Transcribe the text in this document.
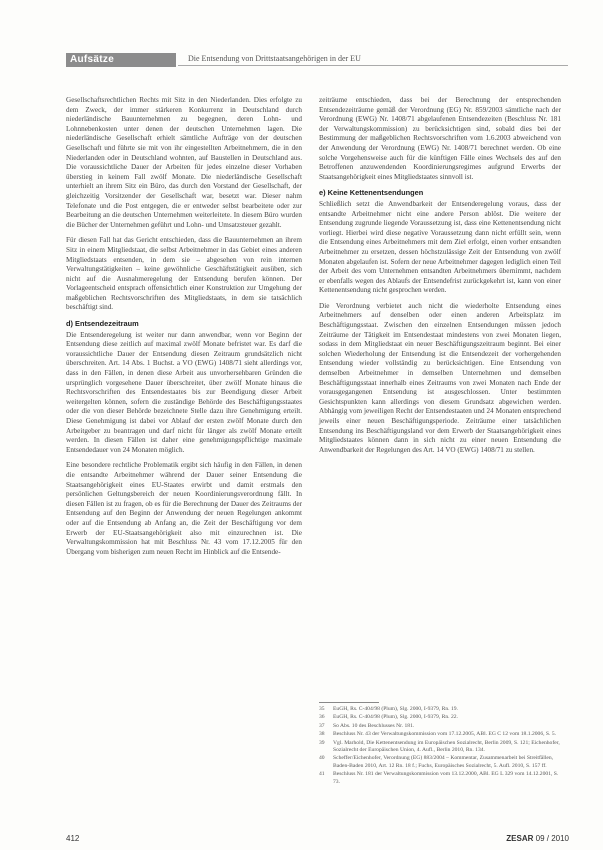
Aufsätze	Die Entsendung von Drittstaatsangehörigen in der EU

Gesellschaftsrechtlichen Rechts mit Sitz in den Niederlanden. Dies erfolgte zu dem Zweck, der immer stärkeren Konkurrenz in Deutschland durch niederländische Bauunternehmen zu begegnen, deren Lohn- und Lohnnebenkosten unter denen der deutschen Unternehmen lagen. Die niederländische Gesellschaft erhielt sämtliche Aufträge von der deutschen Gesellschaft und führte sie mit von ihr eingestellten Arbeitnehmern, die in den Niederlanden oder in Deutschland wohnten, auf Baustellen in Deutschland aus. Die voraussichtliche Dauer der Arbeiten für jedes einzelne dieser Vorhaben überstieg in keinem Fall zwölf Monate. Die niederländische Gesellschaft unterhielt an ihrem Sitz ein Büro, das durch den Vorstand der Gesellschaft, der gleichzeitig Vorsitzender der Gesellschaft war, besetzt war. Dieser nahm Telefonate und die Post entgegen, die er entweder selbst bearbeitete oder zur Bearbeitung an die deutschen Unternehmen weiterleitete. In diesem Büro wurden die Bücher der Unternehmen geführt und Lohn- und Umsatzsteuer gezahlt.

Für diesen Fall hat das Gericht entschieden, dass die Bauunternehmen an ihrem Sitz in einem Mitgliedstaat, die selbst Arbeitnehmer in das Gebiet eines anderen Mitgliedstaats entsenden, in dem sie – abgesehen von rein internen Verwaltungstätigkeiten – keine gewöhnliche Geschäftstätigkeit ausüben, sich nicht auf die Ausnahmeregelung der Entsendung berufen können. Der Vorlageentscheid entsprach offensichtlich einer Konstruktion zur Umgehung der maßgeblichen Rechtsvorschriften des Mitgliedstaats, in dem sie tatsächlich beschäftigt sind.

d) Entsendezeitraum

Die Entsenderegelung ist weiter nur dann anwendbar, wenn vor Beginn der Entsendung diese zeitlich auf maximal zwölf Monate befristet war. Es darf die voraussichtliche Dauer der Entsendung diesen Zeitraum grundsätzlich nicht überschreiten. Art. 14 Abs. 1 Buchst. a VO (EWG) 1408/71 sieht allerdings vor, dass in den Fällen, in denen diese Arbeit aus unvorhersehbaren Gründen die ursprünglich vorgesehene Dauer überschreitet, über zwölf Monate hinaus die Rechtsvorschriften des Entsendestaates bis zur Beendigung dieser Arbeit weitergelten können, sofern die zuständige Behörde des Beschäftigungsstaates oder die von dieser Behörde bezeichnete Stelle dazu ihre Genehmigung erteilt. Diese Genehmigung ist dabei vor Ablauf der ersten zwölf Monate durch den Arbeitgeber zu beantragen und darf nicht für länger als zwölf Monate erteilt werden. In diesen Fällen ist daher eine genehmigungspflichtige maximale Entsendedauer von 24 Monaten möglich.

Eine besondere rechtliche Problematik ergibt sich häufig in den Fällen, in denen die entsandte Arbeitnehmer während der Dauer seiner Entsendung die Staatsangehörigkeit eines EU-Staates erwirbt und damit erstmals den persönlichen Geltungsbereich der neuen Koordinierungsverordnung fällt. In diesen Fällen ist zu fragen, ob es für die Berechnung der Dauer des Zeitraums der Entsendung auf den Beginn der Anwendung der neuen Regelungen ankommt oder auf die Entsendung ab Anfang an, die Zeit der Beschäftigung vor dem Erwerb der EU-Staatsangehörigkeit also mit einzurechnen ist. Die Verwaltungskommission hat mit Beschluss Nr. 43 vom 17.12.2005 für den Übergang vom bisherigen zum neuen Recht im Hinblick auf die Entsende-

zeiträume entschieden, dass bei der Berechnung der entsprechenden Entsendezeiträume gemäß der Verordnung (EG) Nr. 859/2003 sämtliche nach der Verordnung (EWG) Nr. 1408/71 abgelaufenen Entsendezeiten (Beschluss Nr. 181 der Verwaltungskommission) zu berücksichtigen sind, sobald dies bei der Bestimmung der maßgeblichen Rechtsvorschriften vom 1.6.2003 abweichend von der Anwendung der Verordnung (EWG) Nr. 1408/71 berechnet werden. Ob eine solche Vorgehensweise auch für die künftigen Fälle eines Wechsels des auf den Betroffenen anzuwendenden Koordinierungsregimes aufgrund Erwerbs der Staatsangehörigkeit eines Mitgliedstaates sinnvoll ist.

e) Keine Kettenentsendungen

Schließlich setzt die Anwendbarkeit der Entsenderegelung voraus, dass der entsandte Arbeitnehmer nicht eine andere Person ablöst. Die weitere der Entsendung zugrunde liegende Voraussetzung ist, dass eine Kettenentsendung nicht vorliegt. Hierbei wird diese negative Voraussetzung dann nicht erfüllt sein, wenn die Entsendung eines Arbeitnehmers mit dem Ziel erfolgt, einen vorher entsandten Arbeitnehmer zu ersetzen, dessen höchstzulässige Zeit der Entsendung von zwölf Monaten abgelaufen ist. Sofern der neue Arbeitnehmer dagegen lediglich einen Teil der Arbeit des vom Unternehmen entsandten Arbeitnehmers übernimmt, nachdem er ebenfalls wegen des Ablaufs der Entsendefrist zurückgekehrt ist, kann von einer Kettenentsendung nicht gesprochen werden.

Die Verordnung verbietet auch nicht die wiederholte Entsendung eines Arbeitnehmers auf denselben oder einen anderen Arbeitsplatz im Beschäftigungsstaat. Zwischen den einzelnen Entsendungen müssen jedoch Zeiträume der Tätigkeit im Entsendestaat mindestens von zwei Monaten liegen, sodass in dem Mitgliedstaat ein neuer Beschäftigungszeitraum beginnt. Bei einer solchen Wiederholung der Entsendung ist die Entsendezeit der vorhergehenden Entsendung wieder vollständig zu berücksichtigen. Eine Entsendung von demselben Arbeitnehmer in demselben Unternehmen und demselben Beschäftigungsstaat innerhalb eines Zeitraums von zwei Monaten nach Ende der vorausgegangenen Entsendung ist ausgeschlossen. Unter bestimmten Gesichtspunkten kann allerdings von diesem Grundsatz abgewichen werden. Abhängig vom jeweiligen Recht der Entsendestaaten und 24 Monaten entsprechend jeweils einer neuen Beschäftigungsperiode. Zeiträume einer tatsächlichen Entsendung ins Beschäftigungsland vor dem Erwerb der Staatsangehörigkeit eines Mitgliedstaates können dann in sich nicht zu einer neuen Entsendung die Anwendbarkeit der Regelungen des Art. 14 VO (EWG) 1408/71 zu stellen.

35	EuGH, Rs. C-404/98 (Plum), Slg. 2000, I-9379, Rn. 19.
36	EuGH, Rs. C-404/98 (Plum), Slg. 2000, I-9379, Rn. 22.
37	So Abs. 10 des Beschlusses Nr. 181.
38	Beschluss Nr. 43 der Verwaltungskommission vom 17.12.2005, ABl. EG C 12 vom 18.1.2006, S. 5.
39	Vgl. Marhold, Die Kettenentsendung im Europäischen Sozialrecht, Berlin 2009, S. 121; Eichenhofer, Sozialrecht der Europäischen Union, 4. Aufl., Berlin 2010, Rn. 134.
40	Scheffer/Eichenhofer, Verordnung (EG) 883/2004 – Kommentar, Zusammenarbeit bei Streitfällen, Baden-Baden 2010, Art. 12 Rn. 18 f.; Fuchs, Europäisches Sozialrecht, 5. Aufl. 2010, S. 157 ff.
41	Beschluss Nr. 181 der Verwaltungskommission vom 13.12.2000, ABl. EG L 329 vom 14.12.2001, S. 73.
412	ZESAR 09 / 2010
